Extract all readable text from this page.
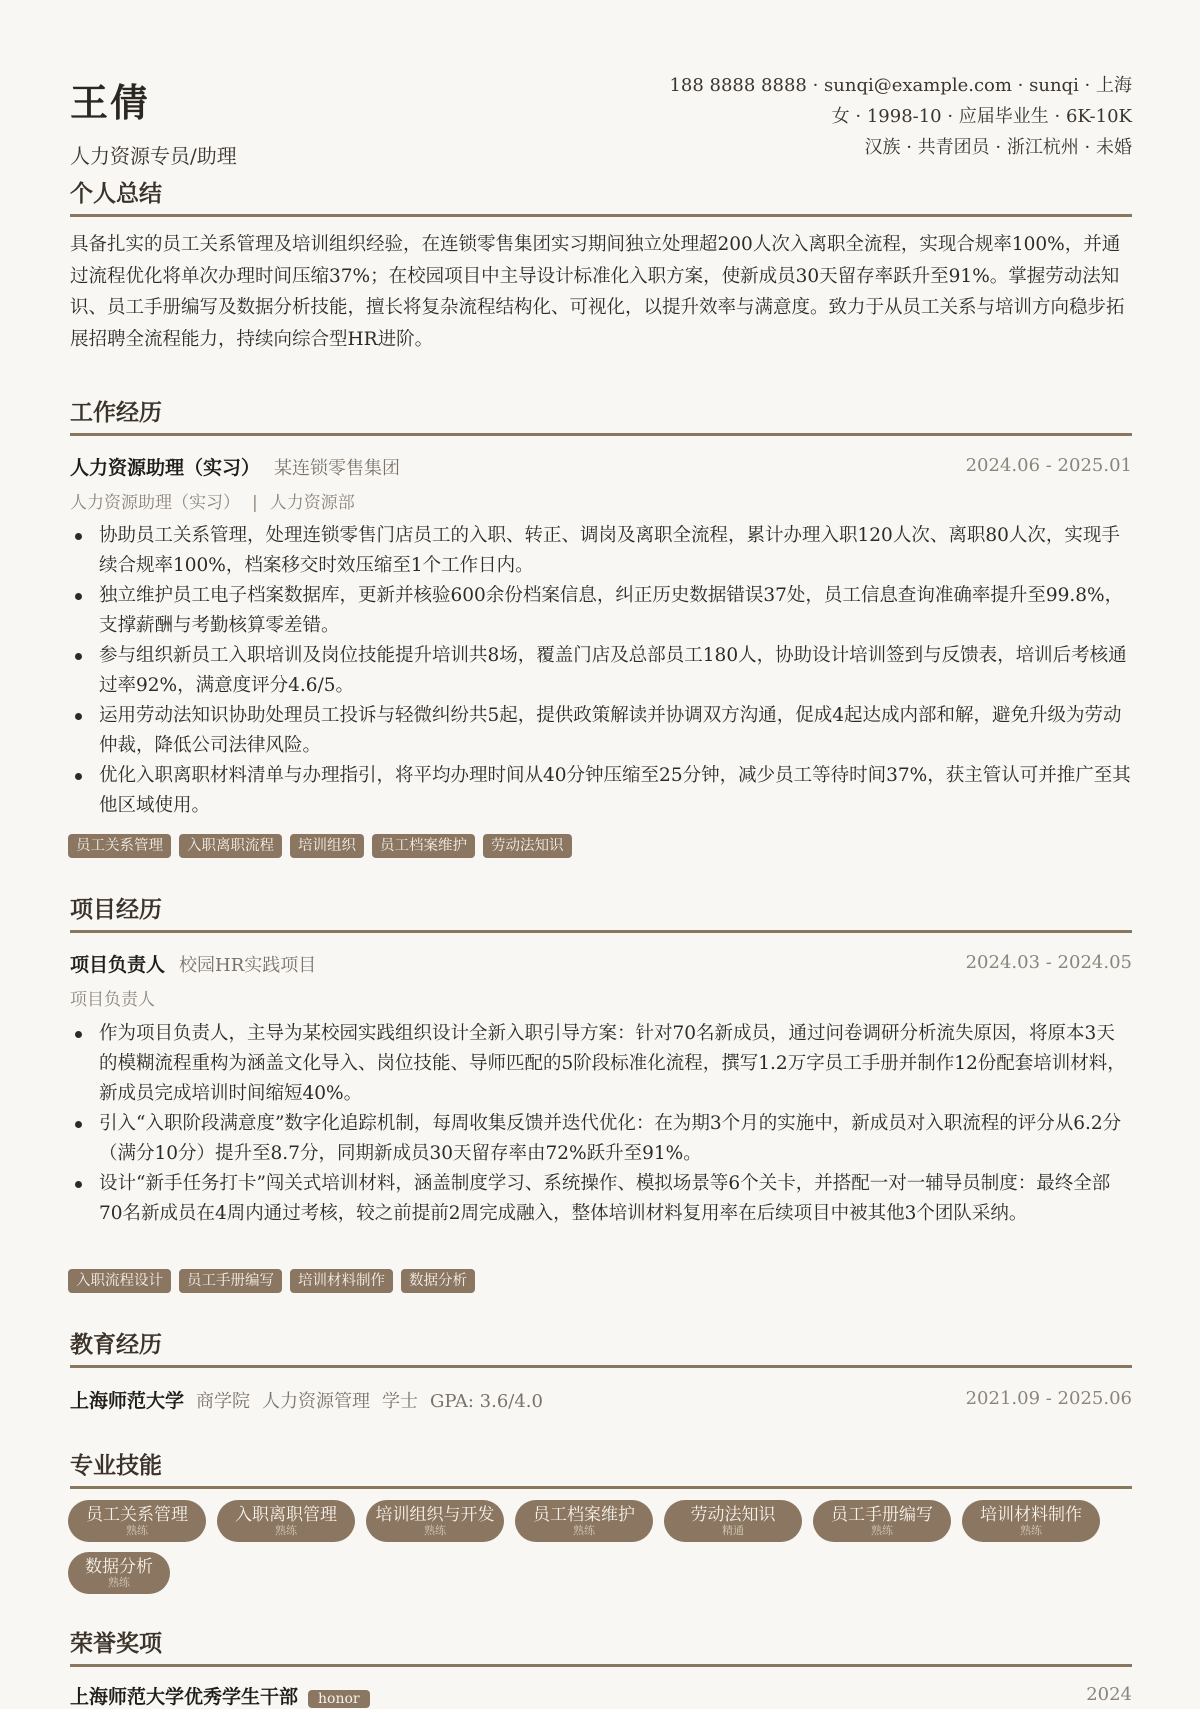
王倩
人力资源专员/助理
188 8888 8888 · sunqi@example.com · sunqi · 上海
女 · 1998-10 · 应届毕业生 · 6K-10K
汉族 · 共青团员 · 浙江杭州 · 未婚
个人总结
具备扎实的员工关系管理及培训组织经验，在连锁零售集团实习期间独立处理超200人次入离职全流程，实现合规率100%，并通过流程优化将单次办理时间压缩37%；在校园项目中主导设计标准化入职方案，使新成员30天留存率跃升至91%。掌握劳动法知识、员工手册编写及数据分析技能，擅长将复杂流程结构化、可视化，以提升效率与满意度。致力于从员工关系与培训方向稳步拓展招聘全流程能力，持续向综合型HR进阶。
工作经历
人力资源助理（实习） 某连锁零售集团	2024.06 - 2025.01
人力资源助理（实习） | 人力资源部
协助员工关系管理，处理连锁零售门店员工的入职、转正、调岗及离职全流程，累计办理入职120人次、离职80人次，实现手续合规率100%，档案移交时效压缩至1个工作日内。
独立维护员工电子档案数据库，更新并核验600余份档案信息，纠正历史数据错误37处，员工信息查询准确率提升至99.8%，支撑薪酬与考勤核算零差错。
参与组织新员工入职培训及岗位技能提升培训共8场，覆盖门店及总部员工180人，协助设计培训签到与反馈表，培训后考核通过率92%，满意度评分4.6/5。
运用劳动法知识协助处理员工投诉与轻微纠纷共5起，提供政策解读并协调双方沟通，促成4起达成内部和解，避免升级为劳动仲裁，降低公司法律风险。
优化入职离职材料清单与办理指引，将平均办理时间从40分钟压缩至25分钟，减少员工等待时间37%，获主管认可并推广至其他区域使用。
员工关系管理	入职离职流程	培训组织	员工档案维护	劳动法知识
项目经历
项目负责人 校园HR实践项目	2024.03 - 2024.05
项目负责人
作为项目负责人，主导为某校园实践组织设计全新入职引导方案：针对70名新成员，通过问卷调研分析流失原因，将原本3天的模糊流程重构为涵盖文化导入、岗位技能、导师匹配的5阶段标准化流程，撰写1.2万字员工手册并制作12份配套培训材料，新成员完成培训时间缩短40%。
引入“入职阶段满意度”数字化追踪机制，每周收集反馈并迭代优化：在为期3个月的实施中，新成员对入职流程的评分从6.2分（满分10分）提升至8.7分，同期新成员30天留存率由72%跃升至91%。
设计“新手任务打卡”闯关式培训材料，涵盖制度学习、系统操作、模拟场景等6个关卡，并搭配一对一辅导员制度：最终全部70名新成员在4周内通过考核，较之前提前2周完成融入，整体培训材料复用率在后续项目中被其他3个团队采纳。
入职流程设计	员工手册编写	培训材料制作	数据分析
教育经历
上海师范大学 商学院 人力资源管理 学士 GPA: 3.6/4.0	2021.09 - 2025.06
专业技能
员工关系管理
熟练
入职离职管理
熟练
培训组织与开发
熟练
员工档案维护
熟练
劳动法知识
精通
员工手册编写
熟练
培训材料制作
熟练
数据分析
熟练
荣誉奖项
上海师范大学优秀学生干部 honor	2024
